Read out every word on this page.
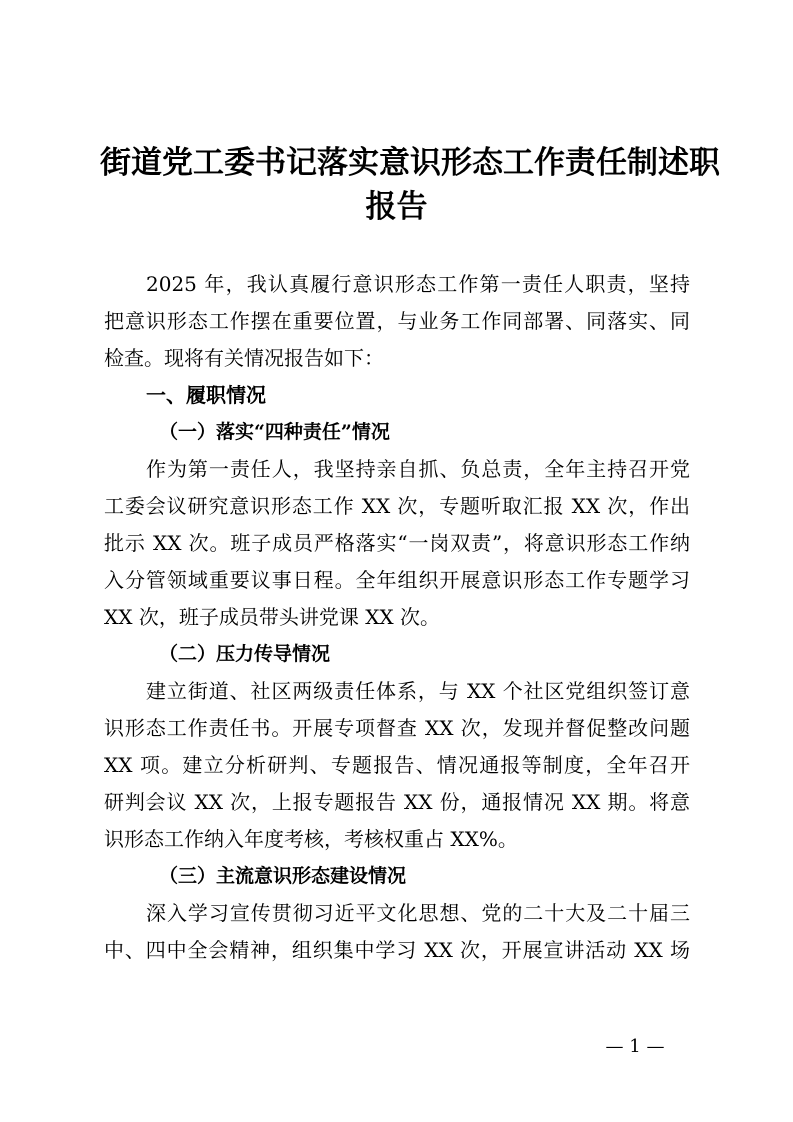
街道党工委书记落实意识形态工作责任制述职
报告

2025 年，我认真履行意识形态工作第一责任人职责，坚持
把意识形态工作摆在重要位置，与业务工作同部署、同落实、同
检查。现将有关情况报告如下：

一、履职情况

（一）落实“四种责任”情况

作为第一责任人，我坚持亲自抓、负总责，全年主持召开党
工委会议研究意识形态工作 XX 次，专题听取汇报 XX 次，作出
批示 XX 次。班子成员严格落实“一岗双责”，将意识形态工作纳
入分管领域重要议事日程。全年组织开展意识形态工作专题学习
XX 次，班子成员带头讲党课 XX 次。

（二）压力传导情况

建立街道、社区两级责任体系，与 XX 个社区党组织签订意
识形态工作责任书。开展专项督查 XX 次，发现并督促整改问题
XX 项。建立分析研判、专题报告、情况通报等制度，全年召开
研判会议 XX 次，上报专题报告 XX 份，通报情况 XX 期。将意
识形态工作纳入年度考核，考核权重占 XX%。

（三）主流意识形态建设情况

深入学习宣传贯彻习近平文化思想、党的二十大及二十届三
中、四中全会精神，组织集中学习 XX 次，开展宣讲活动 XX 场

— 1 —
